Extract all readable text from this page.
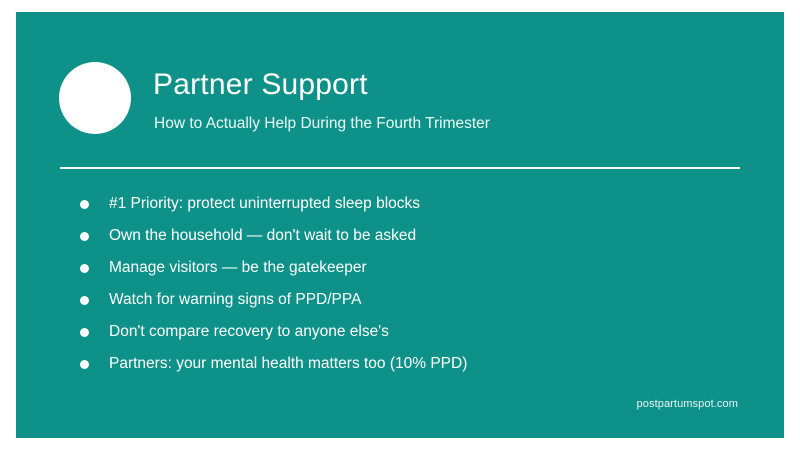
Partner Support
How to Actually Help During the Fourth Trimester
#1 Priority: protect uninterrupted sleep blocks
Own the household — don't wait to be asked
Manage visitors — be the gatekeeper
Watch for warning signs of PPD/PPA
Don't compare recovery to anyone else's
Partners: your mental health matters too (10% PPD)
postpartumspot.com
